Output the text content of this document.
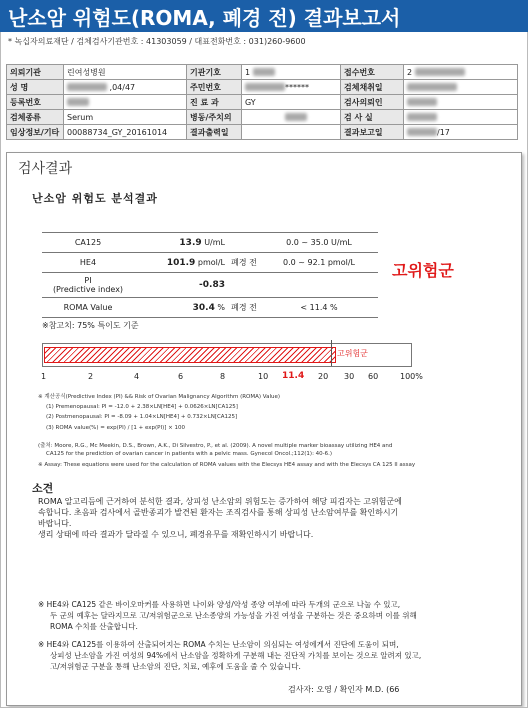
난소암 위험도(ROMA, 폐경 전) 결과보고서
* 녹십자의료재단 / 검체검사기관번호 : 41303059 / 대표전화번호 : 031)260-9600
의뢰기관	린여성병원	기관기호	1	접수번호	2
성 명	,04/47	주민번호	******	검체채취일	
등록번호		진 료 과	GY	검사의뢰인	
검체종류	Serum	병동/주치의		검 사 실	
임상정보/기타	00088734_GY_20161014	결과출력일		결과보고일	/17
검사결과
난소암 위험도 분석결과
CA125	13.9 U/mL		0.0 ~ 35.0 U/mL
HE4	101.9 pmol/L	폐경 전	0.0 ~ 92.1 pmol/L
PI
(Predictive index)	-0.83		
ROMA Value	30.4 %	폐경 전	< 11.4 %
고위험군
※참고치: 75% 특이도 기준
고위험군
1	2	4	6	8	10 11.4 20 30 60	100%
※ 계산공식(Predictive Index (PI) && Risk of Ovarian Malignancy Algorithm (ROMA) Value)
(1) Premenopausal: PI = -12.0 + 2.38×LN[HE4] + 0.0626×LN[CA125]
(2) Postmenopausal: PI = -8.09 + 1.04×LN[HE4] + 0.732×LN[CA125]
(3) ROMA value(%) = exp(PI) / [1 + exp(PI)] × 100
(출처: Moore, R.G., Mc Meekin, D.S., Brown, A.K., Di Silvestro, P., et al. (2009). A novel multiple marker bioassay utilizing HE4 and
CA125 for the prediction of ovarian cancer in patients with a pelvic mass. Gynecol Oncol.;112(1): 40-6.)
※ Assay: These equations were used for the calculation of ROMA values with the Elecsys HE4 assay and with the Elecsys CA 125 II assay
소견
ROMA 알고리듬에 근거하여 분석한 결과, 상피성 난소암의 위험도는 증가하여 해당 피검자는 고위험군에
속합니다. 초음파 검사에서 골반종괴가 발견된 환자는 조직검사를 통해 상피성 난소암여부를 확인하시기
바랍니다.
생리 상태에 따라 결과가 달라질 수 있으니, 폐경유무를 재확인하시기 바랍니다.
※ HE4와 CA125 같은 바이오마커를 사용하면 나이와 양성/악성 종양 여부에 따라 두개의 군으로 나눌 수 있고,
두 군의 예후는 달라지므로 고/저위험군으로 난소종양의 가능성을 가진 여성을 구분하는 것은 중요하며 이를 위해
ROMA 수치를 산출합니다.
※ HE4와 CA125를 이용하여 산출되어지는 ROMA 수치는 난소암이 의심되는 여성에게서 진단에 도움이 되며,
상피성 난소암을 가진 여성의 94%에서 난소암을 정확하게 구분해 내는 진단적 가치를 보이는 것으로 알려져 있고,
고/저위험군 구분을 통해 난소암의 진단, 치료, 예후에 도움을 줄 수 있습니다.
검사자: 오영 / 확인자 M.D. (66
